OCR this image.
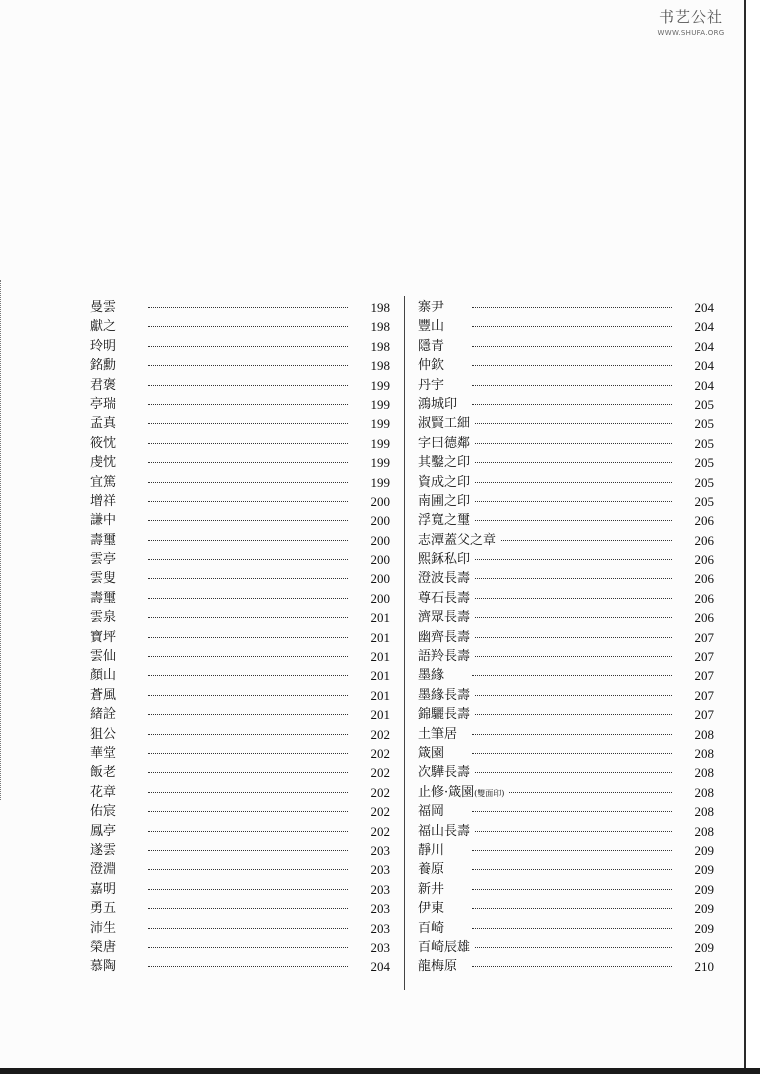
书艺公社
WWW.SHUFA.ORG
曼雲	198
獻之	198
玲明	198
銘勳	198
君褒	199
亭瑞	199
孟真	199
筱忱	199
虔忱	199
宜篤	199
增祥	200
謙中	200
壽璽	200
雲亭	200
雲叟	200
壽璽	200
雲泉	201
寶坪	201
雲仙	201
顏山	201
蒼風	201
緒詮	201
狙公	202
華堂	202
飯老	202
花章	202
佑宸	202
鳳亭	202
遂雲	203
澄淵	203
嘉明	203
勇五	203
沛生	203
榮唐	203
慕陶	204
寨尹	204
豐山	204
隱青	204
仲欽	204
丹宇	204
鴻城印	205
淑賢工細	205
字曰德鄰	205
其鑿之印	205
資成之印	205
南圃之印	205
浮寬之璽	206
志潭蓋父之章	206
熙鉌私印	206
澄波長壽	206
尊石長壽	206
濟眾長壽	206
幽齊長壽	207
語羚長壽	207
墨緣	207
墨緣長壽	207
錦驪長壽	207
土筆居	208
箴園	208
次驊長壽	208
止修·箴園(雙面印)	208
福岡	208
福山長壽	208
靜川	209
養原	209
新井	209
伊東	209
百崎	209
百崎辰雄	209
龍梅原	210
